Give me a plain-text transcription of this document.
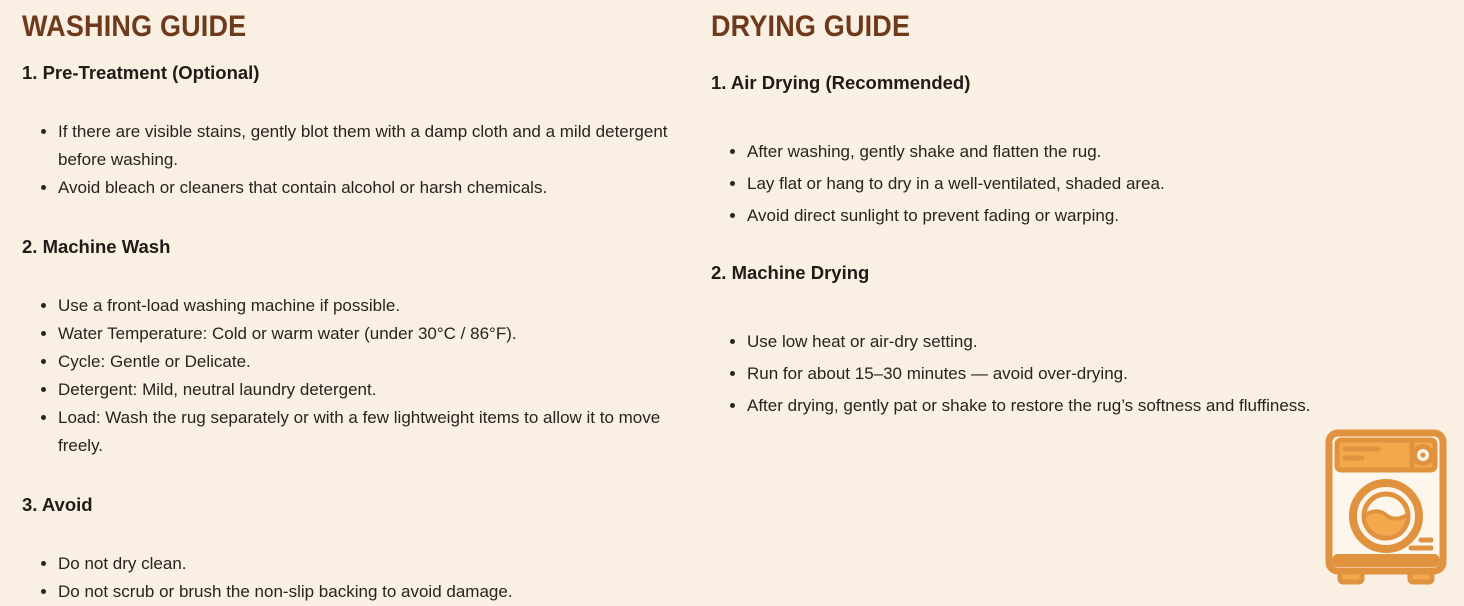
WASHING GUIDE
1. Pre-Treatment (Optional)
• If there are visible stains, gently blot them with a damp cloth and a mild detergent before washing.
• Avoid bleach or cleaners that contain alcohol or harsh chemicals.
2. Machine Wash
• Use a front-load washing machine if possible.
• Water Temperature: Cold or warm water (under 30°C / 86°F).
• Cycle: Gentle or Delicate.
• Detergent: Mild, neutral laundry detergent.
• Load: Wash the rug separately or with a few lightweight items to allow it to move freely.
3. Avoid
• Do not dry clean.
• Do not scrub or brush the non-slip backing to avoid damage.
DRYING GUIDE
1. Air Drying (Recommended)
• After washing, gently shake and flatten the rug.
• Lay flat or hang to dry in a well-ventilated, shaded area.
• Avoid direct sunlight to prevent fading or warping.
2. Machine Drying
• Use low heat or air-dry setting.
• Run for about 15–30 minutes — avoid over-drying.
• After drying, gently pat or shake to restore the rug’s softness and fluffiness.
